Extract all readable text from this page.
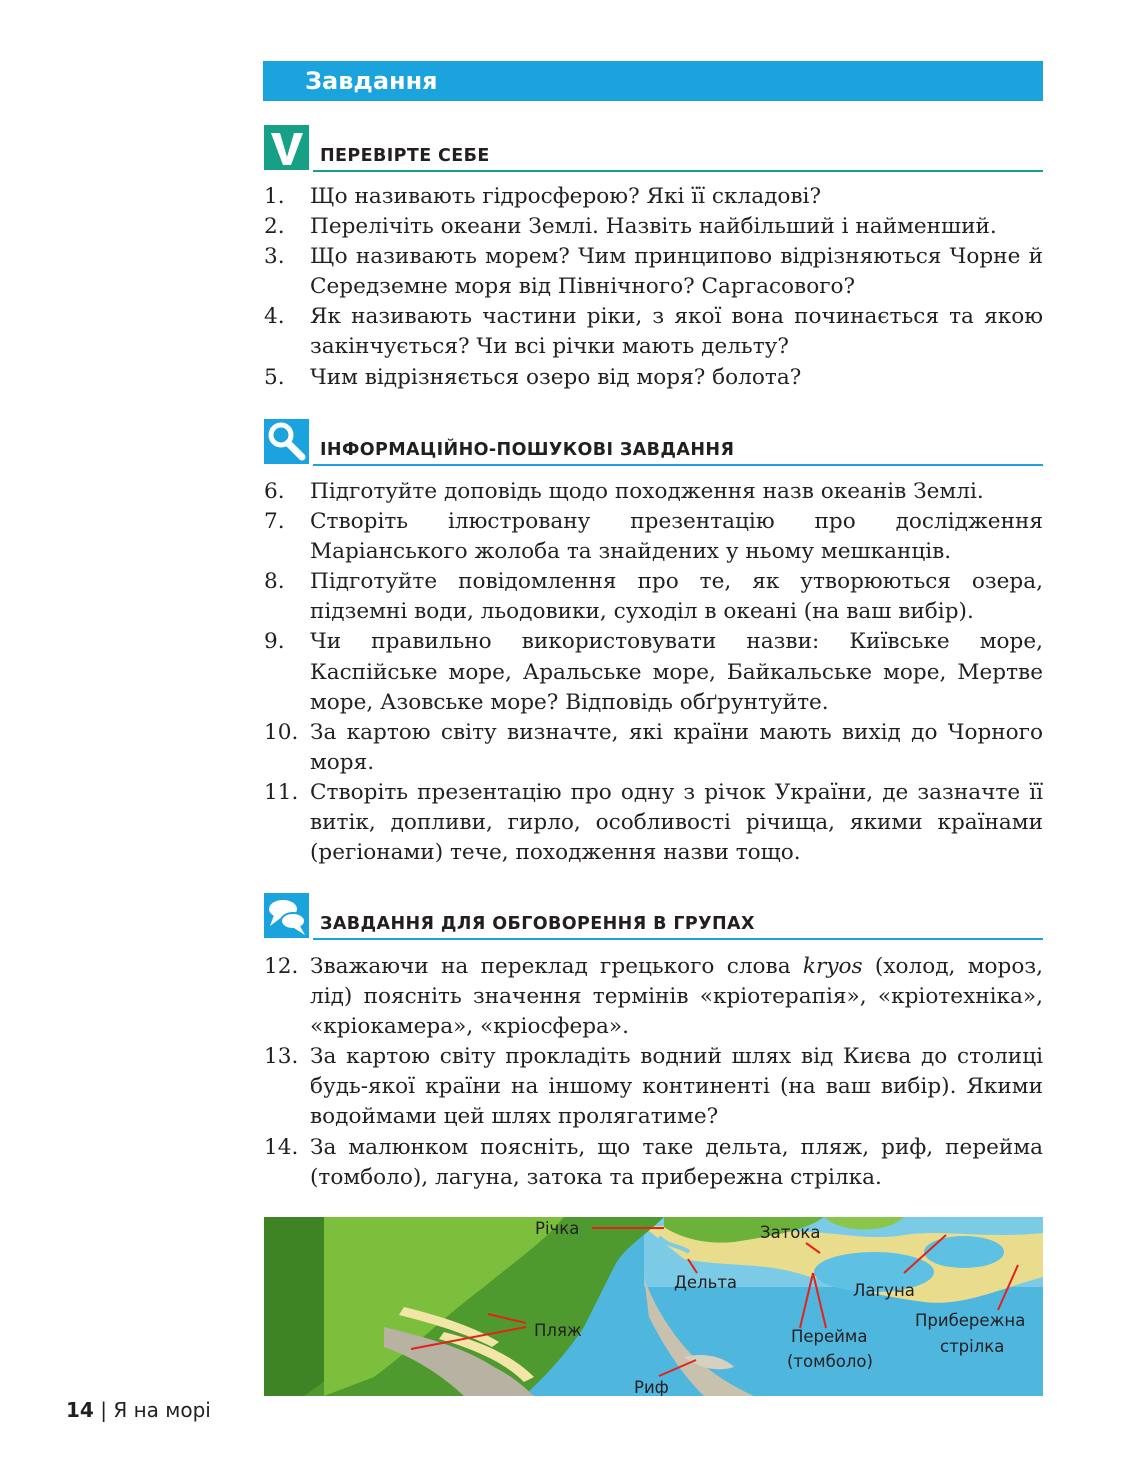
Завдання
ПЕРЕВІРТЕ СЕБЕ
1. Що називають гідросферою? Які її складові?
2. Перелічіть океани Землі. Назвіть найбільший і найменший.
3. Що називають морем? Чим принципово відрізняються Чорне й Середземне моря від Північного? Саргасового?
4. Як називають частини ріки, з якої вона починається та якою закінчується? Чи всі річки мають дельту?
5. Чим відрізняється озеро від моря? болота?
ІНФОРМАЦІЙНО-ПОШУКОВІ ЗАВДАННЯ
6. Підготуйте доповідь щодо походження назв океанів Землі.
7. Створіть ілюстровану презентацію про дослідження Маріанського жолоба та знайдених у ньому мешканців.
8. Підготуйте повідомлення про те, як утворюються озера, підземні води, льодовики, суходіл в океані (на ваш вибір).
9. Чи правильно використовувати назви: Київське море, Каспійське море, Аральське море, Байкальське море, Мертве море, Азовське море? Відповідь обґрунтуйте.
10. За картою світу визначте, які країни мають вихід до Чорного моря.
11. Створіть презентацію про одну з річок України, де зазначте її витік, допливи, гирло, особливості річища, якими країнами (регіонами) тече, походження назви тощо.
ЗАВДАННЯ ДЛЯ ОБГОВОРЕННЯ В ГРУПАХ
12. Зважаючи на переклад грецького слова kryos (холод, мороз, лід) поясніть значення термінів «кріотерапія», «кріотехніка», «кріокамера», «кріосфера».
13. За картою світу прокладіть водний шлях від Києва до столиці будь-якої країни на іншому континенті (на ваш вибір). Якими водоймами цей шлях пролягатиме?
14. За малюнком поясніть, що таке дельта, пляж, риф, перейма (томболо), лагуна, затока та прибережна стрілка.
Річка	Затока
Дельта	Лагуна
Пляж	Перейма
(томболо)
Прибережна
стрілка
Риф
14 | Я на морі
